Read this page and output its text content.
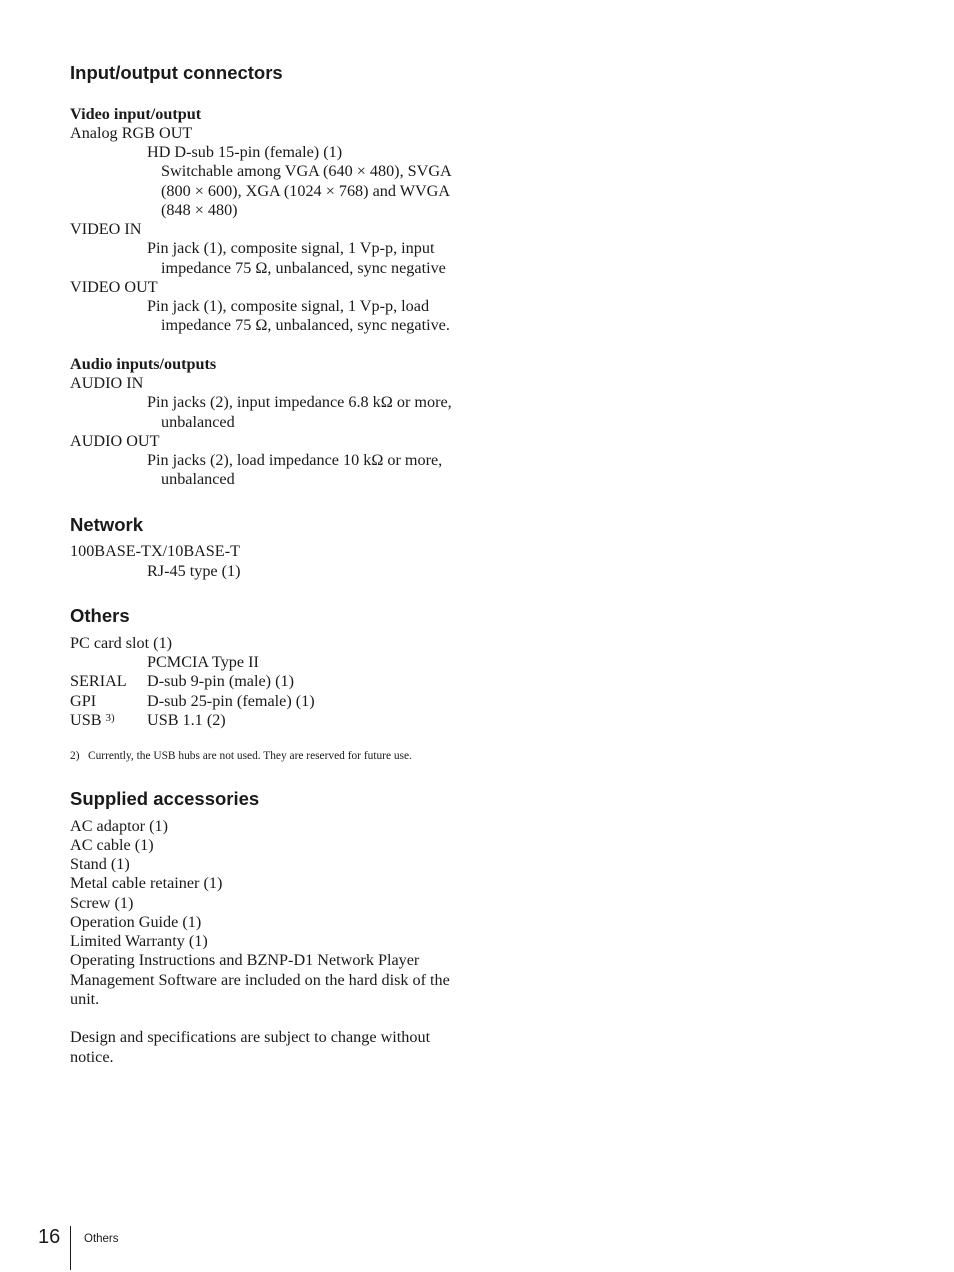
Input/output connectors
Video input/output
Analog RGB OUT
HD D-sub 15-pin (female) (1)
Switchable among VGA (640 × 480), SVGA
(800 × 600), XGA (1024 × 768) and WVGA
(848 × 480)
VIDEO IN
Pin jack (1), composite signal, 1 Vp-p, input
impedance 75 Ω, unbalanced, sync negative
VIDEO OUT
Pin jack (1), composite signal, 1 Vp-p, load
impedance 75 Ω, unbalanced, sync negative.
Audio inputs/outputs
AUDIO IN
Pin jacks (2), input impedance 6.8 kΩ or more,
unbalanced
AUDIO OUT
Pin jacks (2), load impedance 10 kΩ or more,
unbalanced
Network
100BASE-TX/10BASE-T
RJ-45 type (1)
Others
PC card slot (1)
PCMCIA Type II
SERIAL D-sub 9-pin (male) (1)
GPI	D-sub 25-pin (female) (1)
USB $^{3)}$ USB 1.1 (2)
2) Currently, the USB hubs are not used. They are reserved for future use.
Supplied accessories
AC adaptor (1)
AC cable (1)
Stand (1)
Metal cable retainer (1)
Screw (1)
Operation Guide (1)
Limited Warranty (1)
Operating Instructions and BZNP-D1 Network Player
Management Software are included on the hard disk of the
unit.
Design and specifications are subject to change without
notice.
16 Others
